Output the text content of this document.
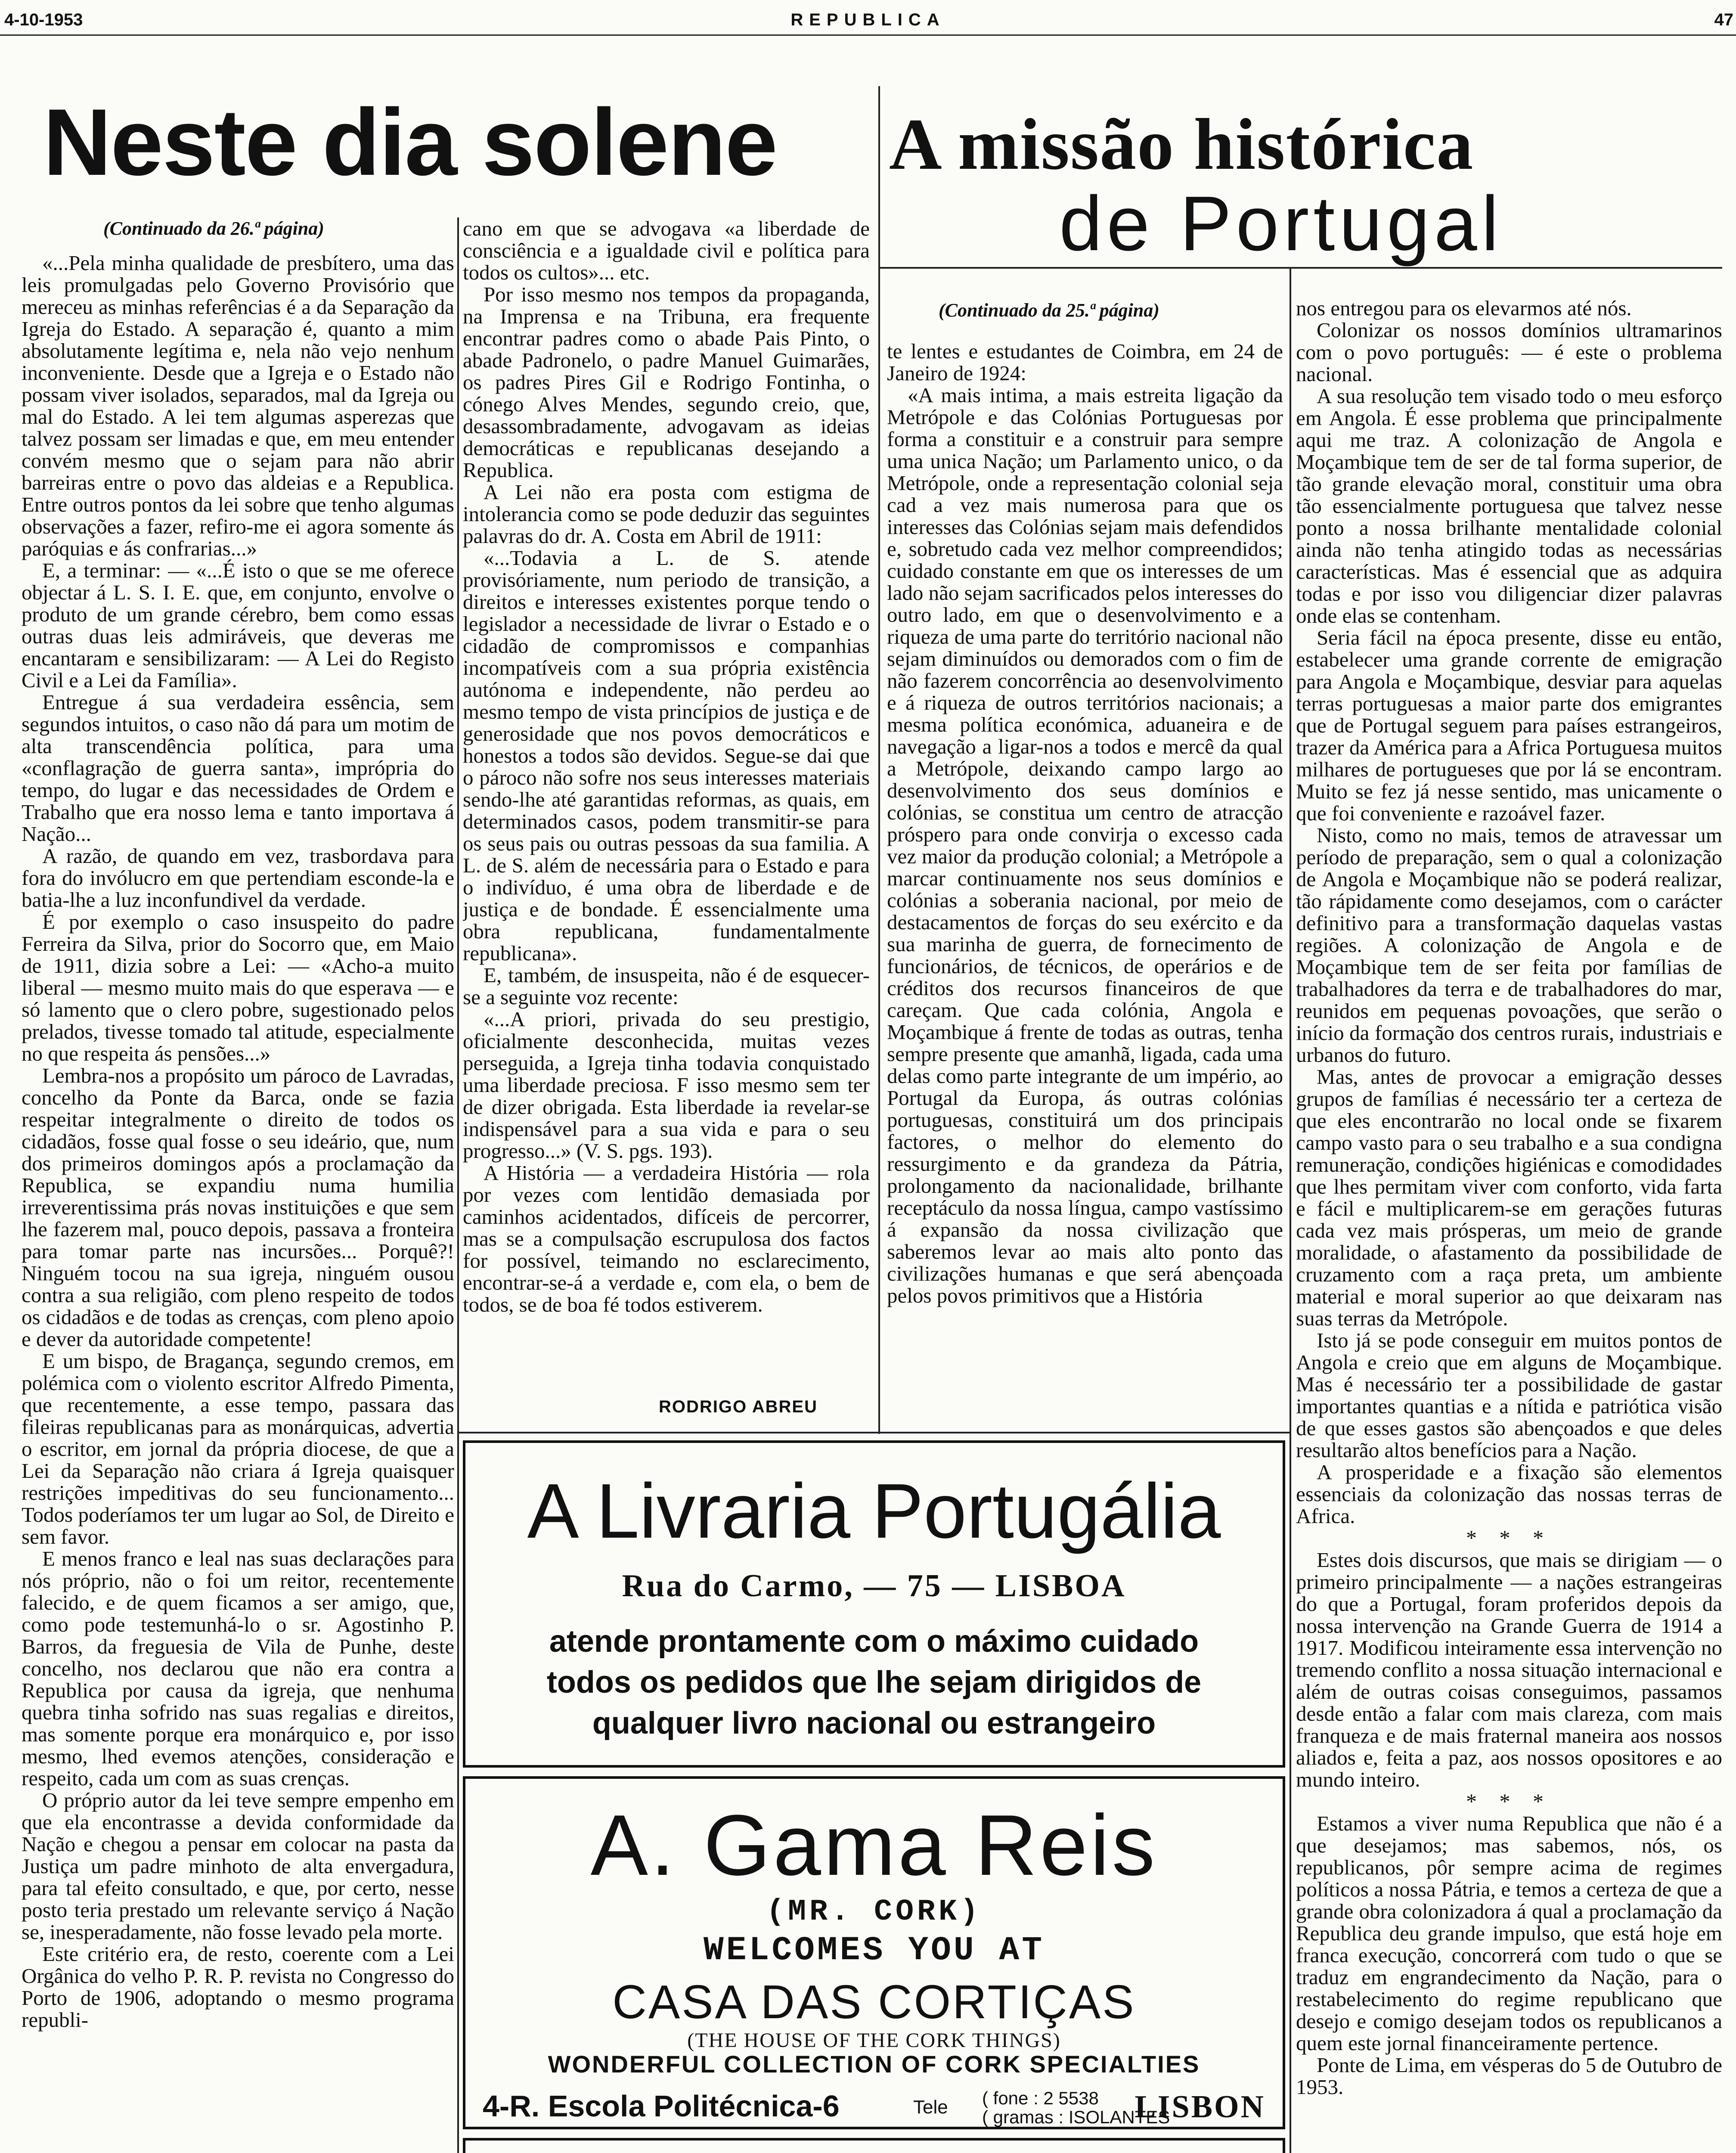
REPUBLICA
4-10-1953	47
Neste dia solene A missão histórica
de Portugal
(Continuado da 26.ª página)
(Continuado da 25.ª página)

«...Pela minha qualidade de presbítero, uma das leis promulgadas pelo Governo Provisório que mereceu as minhas referências é a da Separação da Igreja do Estado. A separação é, quanto a mim absolutamente legítima e, nela não vejo nenhum inconveniente. Desde que a Igreja e o Estado não possam viver isolados, separados, mal da Igreja ou mal do Estado. A lei tem algumas asperezas que talvez possam ser limadas e que, em meu entender convém mesmo que o sejam para não abrir barreiras entre o povo das aldeias e a Republica. Entre outros pontos da lei sobre que tenho algumas observações a fazer, refiro-me ei agora somente ás paróquias e ás confrarias...»

E, a terminar: — «...É isto o que se me oferece objectar á L. S. I. E. que, em conjunto, envolve o produto de um grande cérebro, bem como essas outras duas leis admiráveis, que deveras me encantaram e sensibilizaram: — A Lei do Registo Civil e a Lei da Família».

Entregue á sua verdadeira essência, sem segundos intuitos, o caso não dá para um motim de alta transcendência política, para uma «conflagração de guerra santa», imprópria do tempo, do lugar e das necessidades de Ordem e Trabalho que era nosso lema e tanto importava á Nação...

A razão, de quando em vez, trasbordava para fora do invólucro em que pertendiam esconde-la e batia-lhe a luz inconfundivel da verdade.

É por exemplo o caso insuspeito do padre Ferreira da Silva, prior do Socorro que, em Maio de 1911, dizia sobre a Lei: — «Acho-a muito liberal — mesmo muito mais do que esperava — e só lamento que o clero pobre, sugestionado pelos prelados, tivesse tomado tal atitude, especialmente no que respeita ás pensões...»

Lembra-nos a propósito um pároco de Lavradas, concelho da Ponte da Barca, onde se fazia respeitar integralmente o direito de todos os cidadãos, fosse qual fosse o seu ideário, que, num dos primeiros domingos após a proclamação da Republica, se expandiu numa humilia irreverentissima prás novas instituições e que sem lhe fazerem mal, pouco depois, passava a fronteira para tomar parte nas incursões... Porquê?! Ninguém tocou na sua igreja, ninguém ousou contra a sua religião, com pleno respeito de todos os cidadãos e de todas as crenças, com pleno apoio e dever da autoridade competente!

E um bispo, de Bragança, segundo cremos, em polémica com o violento escritor Alfredo Pimenta, que recentemente, a esse tempo, passara das fileiras republicanas para as monárquicas, advertia o escritor, em jornal da própria diocese, de que a Lei da Separação não criara á Igreja quaisquer restrições impeditivas do seu funcionamento... Todos poderíamos ter um lugar ao Sol, de Direito e sem favor.

E menos franco e leal nas suas declarações para nós próprio, não o foi um reitor, recentemente falecido, e de quem ficamos a ser amigo, que, como pode testemunhá-lo o sr. Agostinho P. Barros, da freguesia de Vila de Punhe, deste concelho, nos declarou que não era contra a Republica por causa da igreja, que nenhuma quebra tinha sofrido nas suas regalias e direitos, mas somente porque era monárquico e, por isso mesmo, lhed evemos atenções, consideração e respeito, cada um com as suas crenças.

O próprio autor da lei teve sempre empenho em que ela encontrasse a devida conformidade da Nação e chegou a pensar em colocar na pasta da Justiça um padre minhoto de alta envergadura, para tal efeito consultado, e que, por certo, nesse posto teria prestado um relevante serviço á Nação se, inesperadamente, não fosse levado pela morte.

Este critério era, de resto, coerente com a Lei Orgânica do velho P. R. P. revista no Congresso do Porto de 1906, adoptando o mesmo programa republi-

cano em que se advogava «a liberdade de consciência e a igualdade civil e política para todos os cultos»... etc.

Por isso mesmo nos tempos da propaganda, na Imprensa e na Tribuna, era frequente encontrar padres como o abade Pais Pinto, o abade Padronelo, o padre Manuel Guimarães, os padres Pires Gil e Rodrigo Fontinha, o cónego Alves Mendes, segundo creio, que, desassombradamente, advogavam as ideias democráticas e republicanas desejando a Republica.

A Lei não era posta com estigma de intolerancia como se pode deduzir das seguintes palavras do dr. A. Costa em Abril de 1911:

«...Todavia a L. de S. atende provisóriamente, num periodo de transição, a direitos e interesses existentes porque tendo o legislador a necessidade de livrar o Estado e o cidadão de compromissos e companhias incompatíveis com a sua própria existência autónoma e independente, não perdeu ao mesmo tempo de vista princípios de justiça e de generosidade que nos povos democráticos e honestos a todos são devidos. Segue-se dai que o pároco não sofre nos seus interesses materiais sendo-lhe até garantidas reformas, as quais, em determinados casos, podem transmitir-se para os seus pais ou outras pessoas da sua familia. A L. de S. além de necessária para o Estado e para o indivíduo, é uma obra de liberdade e de justiça e de bondade. É essencialmente uma obra republicana, fundamentalmente republicana».

E, também, de insuspeita, não é de esquecer-se a seguinte voz recente:

«...A priori, privada do seu prestigio, oficialmente desconhecida, muitas vezes perseguida, a Igreja tinha todavia conquistado uma liberdade preciosa. F isso mesmo sem ter de dizer obrigada. Esta liberdade ia revelar-se indispensável para a sua vida e para o seu progresso...» (V. S. pgs. 193).

A História — a verdadeira História — rola por vezes com lentidão demasiada por caminhos acidentados, difíceis de percorrer, mas se a compulsação escrupulosa dos factos for possível, teimando no esclarecimento, encontrar-se-á a verdade e, com ela, o bem de todos, se de boa fé todos estiverem.

RODRIGO ABREU

te lentes e estudantes de Coimbra, em 24 de Janeiro de 1924:

«A mais intima, a mais estreita ligação da Metrópole e das Colónias Portuguesas por forma a constituir e a construir para sempre uma unica Nação; um Parlamento unico, o da Metrópole, onde a representação colonial seja cad a vez mais numerosa para que os interesses das Colónias sejam mais defendidos e, sobretudo cada vez melhor compreendidos; cuidado constante em que os interesses de um lado não sejam sacrificados pelos interesses do outro lado, em que o desenvolvimento e a riqueza de uma parte do território nacional não sejam diminuídos ou demorados com o fim de não fazerem concorrência ao desenvolvimento e á riqueza de outros territórios nacionais; a mesma política económica, aduaneira e de navegação a ligar-nos a todos e mercê da qual a Metrópole, deixando campo largo ao desenvolvimento dos seus domínios e colónias, se constitua um centro de atracção próspero para onde convirja o excesso cada vez maior da produção colonial; a Metrópole a marcar continuamente nos seus domínios e colónias a soberania nacional, por meio de destacamentos de forças do seu exército e da sua marinha de guerra, de fornecimento de funcionários, de técnicos, de operários e de créditos dos recursos financeiros de que careçam. Que cada colónia, Angola e Moçambique á frente de todas as outras, tenha sempre presente que amanhã, ligada, cada uma delas como parte integrante de um império, ao Portugal da Europa, ás outras colónias portuguesas, constituirá um dos principais factores, o melhor do elemento do ressurgimento e da grandeza da Pátria, prolongamento da nacionalidade, brilhante receptáculo da nossa língua, campo vastíssimo á expansão da nossa civilização que saberemos levar ao mais alto ponto das civilizações humanas e que será abençoada pelos povos primitivos que a História

nos entregou para os elevarmos até nós.

Colonizar os nossos domínios ultramarinos com o povo português: — é este o problema nacional.

A sua resolução tem visado todo o meu esforço em Angola. É esse problema que principalmente aqui me traz. A colonização de Angola e Moçambique tem de ser de tal forma superior, de tão grande elevação moral, constituir uma obra tão essencialmente portuguesa que talvez nesse ponto a nossa brilhante mentalidade colonial ainda não tenha atingido todas as necessárias características. Mas é essencial que as adquira todas e por isso vou diligenciar dizer palavras onde elas se contenham.

Seria fácil na época presente, disse eu então, estabelecer uma grande corrente de emigração para Angola e Moçambique, desviar para aquelas terras portuguesas a maior parte dos emigrantes que de Portugal seguem para países estrangeiros, trazer da América para a Africa Portuguesa muitos milhares de portugueses que por lá se encontram. Muito se fez já nesse sentido, mas unicamente o que foi conveniente e razoável fazer.

Nisto, como no mais, temos de atravessar um período de preparação, sem o qual a colonização de Angola e Moçambique não se poderá realizar, tão rápidamente como desejamos, com o carácter definitivo para a transformação daquelas vastas regiões. A colonização de Angola e de Moçambique tem de ser feita por famílias de trabalhadores da terra e de trabalhadores do mar, reunidos em pequenas povoações, que serão o início da formação dos centros rurais, industriais e urbanos do futuro.

Mas, antes de provocar a emigração desses grupos de famílias é necessário ter a certeza de que eles encontrarão no local onde se fixarem campo vasto para o seu trabalho e a sua condigna remuneração, condições higiénicas e comodidades que lhes permitam viver com conforto, vida farta e fácil e multiplicarem-se em gerações futuras cada vez mais prósperas, um meio de grande moralidade, o afastamento da possibilidade de cruzamento com a raça preta, um ambiente material e moral superior ao que deixaram nas suas terras da Metrópole.

Isto já se pode conseguir em muitos pontos de Angola e creio que em alguns de Moçambique. Mas é necessário ter a possibilidade de gastar importantes quantias e a nítida e patriótica visão de que esses gastos são abençoados e que deles resultarão altos benefícios para a Nação.

A prosperidade e a fixação são elementos essenciais da colonização das nossas terras de Africa.

* * *

Estes dois discursos, que mais se dirigiam — o primeiro principalmente — a nações estrangeiras do que a Portugal, foram proferidos depois da nossa intervenção na Grande Guerra de 1914 a 1917. Modificou inteiramente essa intervenção no tremendo conflito a nossa situação internacional e além de outras coisas conseguimos, passamos desde então a falar com mais clareza, com mais franqueza e de mais fraternal maneira aos nossos aliados e, feita a paz, aos nossos opositores e ao mundo inteiro.

* * *

Estamos a viver numa Republica que não é a que desejamos; mas sabemos, nós, os republicanos, pôr sempre acima de regimes políticos a nossa Pátria, e temos a certeza de que a grande obra colonizadora á qual a proclamação da Republica deu grande impulso, que está hoje em franca execução, concorrerá com tudo o que se traduz em engrandecimento da Nação, para o restabelecimento do regime republicano que desejo e comigo desejam todos os republicanos a quem este jornal financeiramente pertence.

Ponte de Lima, em vésperas do 5 de Outubro de 1953.

A Livraria Portugália
Rua do Carmo, — 75 — LISBOA
atende prontamente com o máximo cuidado
todos os pedidos que lhe sejam dirigidos de
qualquer livro nacional ou estrangeiro
A. Gama Reis
(MR. CORK)
WELCOMES YOU AT
CASA DAS CORTIÇAS
(THE HOUSE OF THE CORK THINGS)
WONDERFUL COLLECTION OF CORK SPECIALTIES
4-R. Escola Politécnica-6	Tele ( fone : 2 5538
( gramas : ISOLANTES
LISBON
